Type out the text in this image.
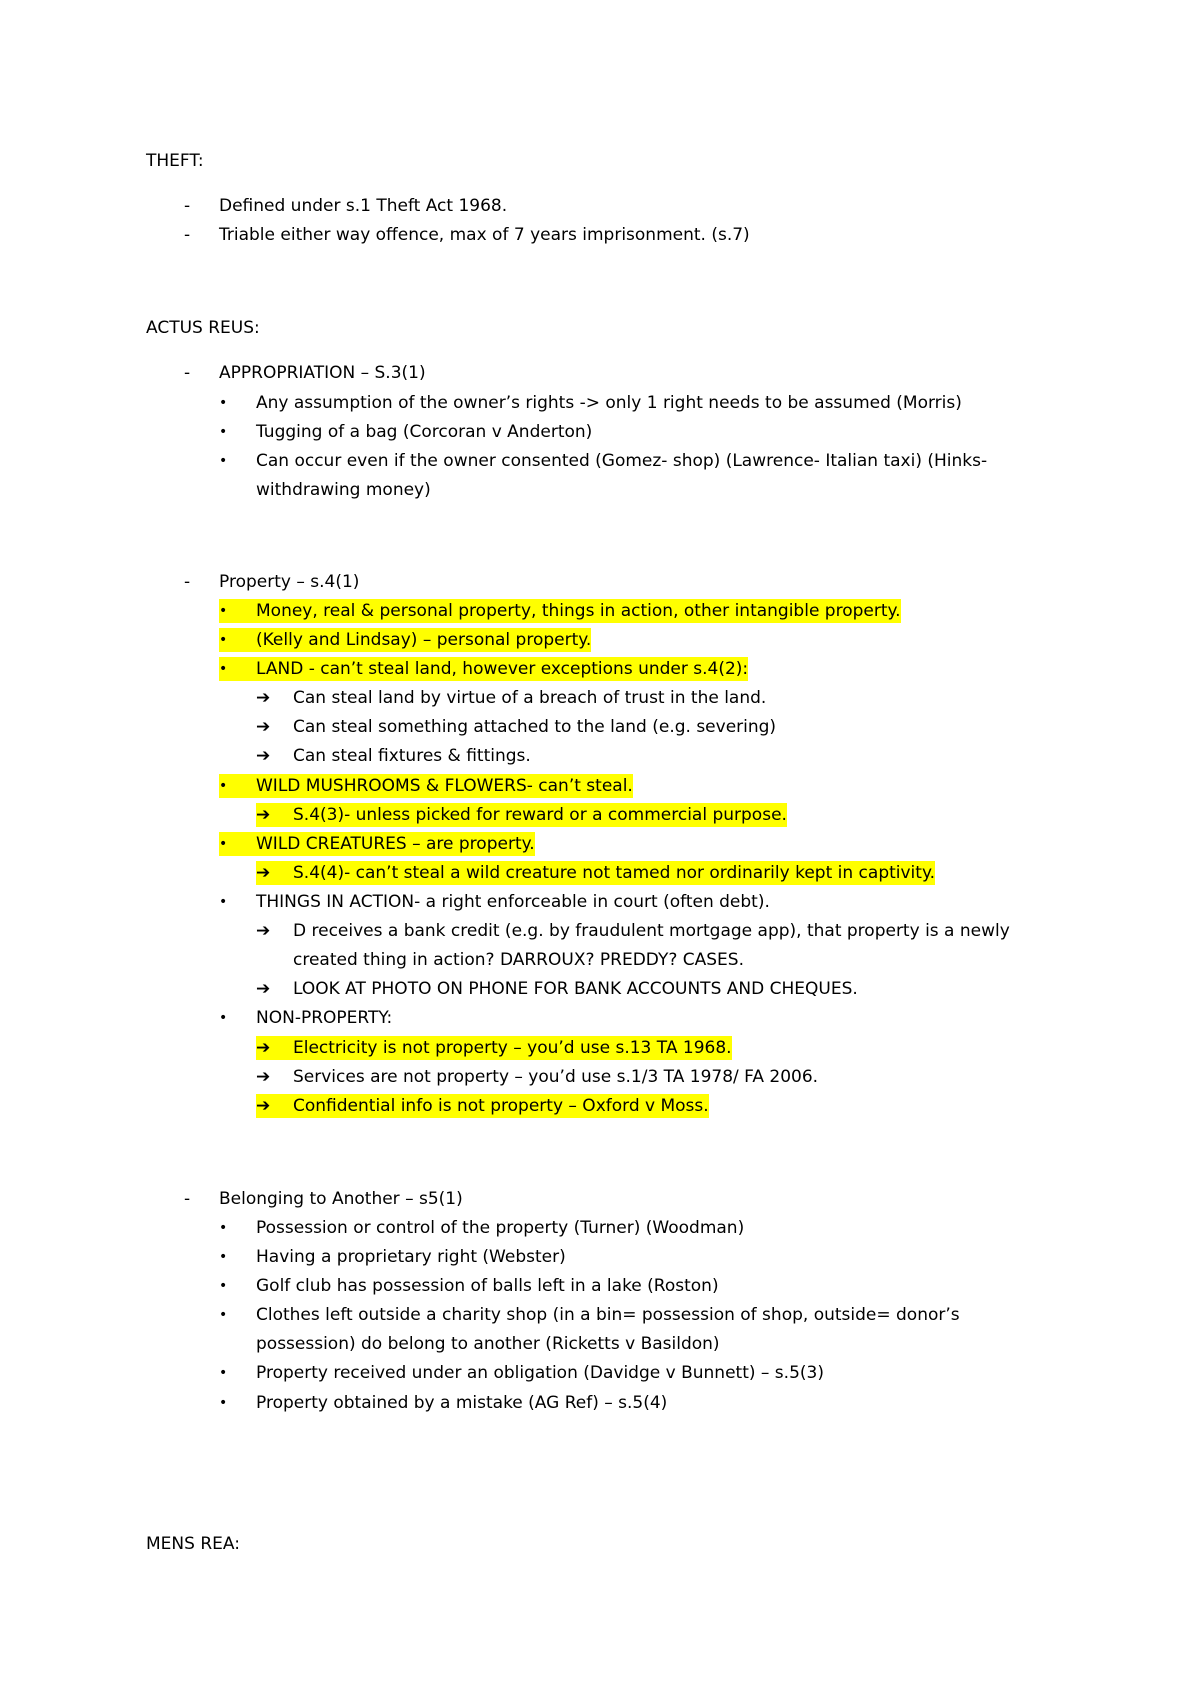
THEFT:
- Defined under s.1 Theft Act 1968.
- Triable either way offence, max of 7 years imprisonment. (s.7)
ACTUS REUS:
- APPROPRIATION – S.3(1)
• Any assumption of the owner’s rights -> only 1 right needs to be assumed (Morris)
• Tugging of a bag (Corcoran v Anderton)
• Can occur even if the owner consented (Gomez- shop) (Lawrence- Italian taxi) (Hinks-
withdrawing money)
- Property – s.4(1)
•	Money, real & personal property, things in action, other intangible property.
•	(Kelly and Lindsay) – personal property.
•	LAND - can’t steal land, however exceptions under s.4(2):
➔ Can steal land by virtue of a breach of trust in the land.
➔ Can steal something attached to the land (e.g. severing)
➔ Can steal fixtures & fittings.
•	WILD MUSHROOMS & FLOWERS- can’t steal.
➔	S.4(3)- unless picked for reward or a commercial purpose.
•	WILD CREATURES – are property.
➔	S.4(4)- can’t steal a wild creature not tamed nor ordinarily kept in captivity.
• THINGS IN ACTION- a right enforceable in court (often debt).
➔ D receives a bank credit (e.g. by fraudulent mortgage app), that property is a newly
created thing in action? DARROUX? PREDDY? CASES.
➔ LOOK AT PHOTO ON PHONE FOR BANK ACCOUNTS AND CHEQUES.
• NON-PROPERTY:
➔	Electricity is not property – you’d use s.13 TA 1968.
➔ Services are not property – you’d use s.1/3 TA 1978/ FA 2006.
➔	Confidential info is not property – Oxford v Moss.
- Belonging to Another – s5(1)
• Possession or control of the property (Turner) (Woodman)
• Having a proprietary right (Webster)
• Golf club has possession of balls left in a lake (Roston)
• Clothes left outside a charity shop (in a bin= possession of shop, outside= donor’s
possession) do belong to another (Ricketts v Basildon)
• Property received under an obligation (Davidge v Bunnett) – s.5(3)
• Property obtained by a mistake (AG Ref) – s.5(4)
MENS REA:
